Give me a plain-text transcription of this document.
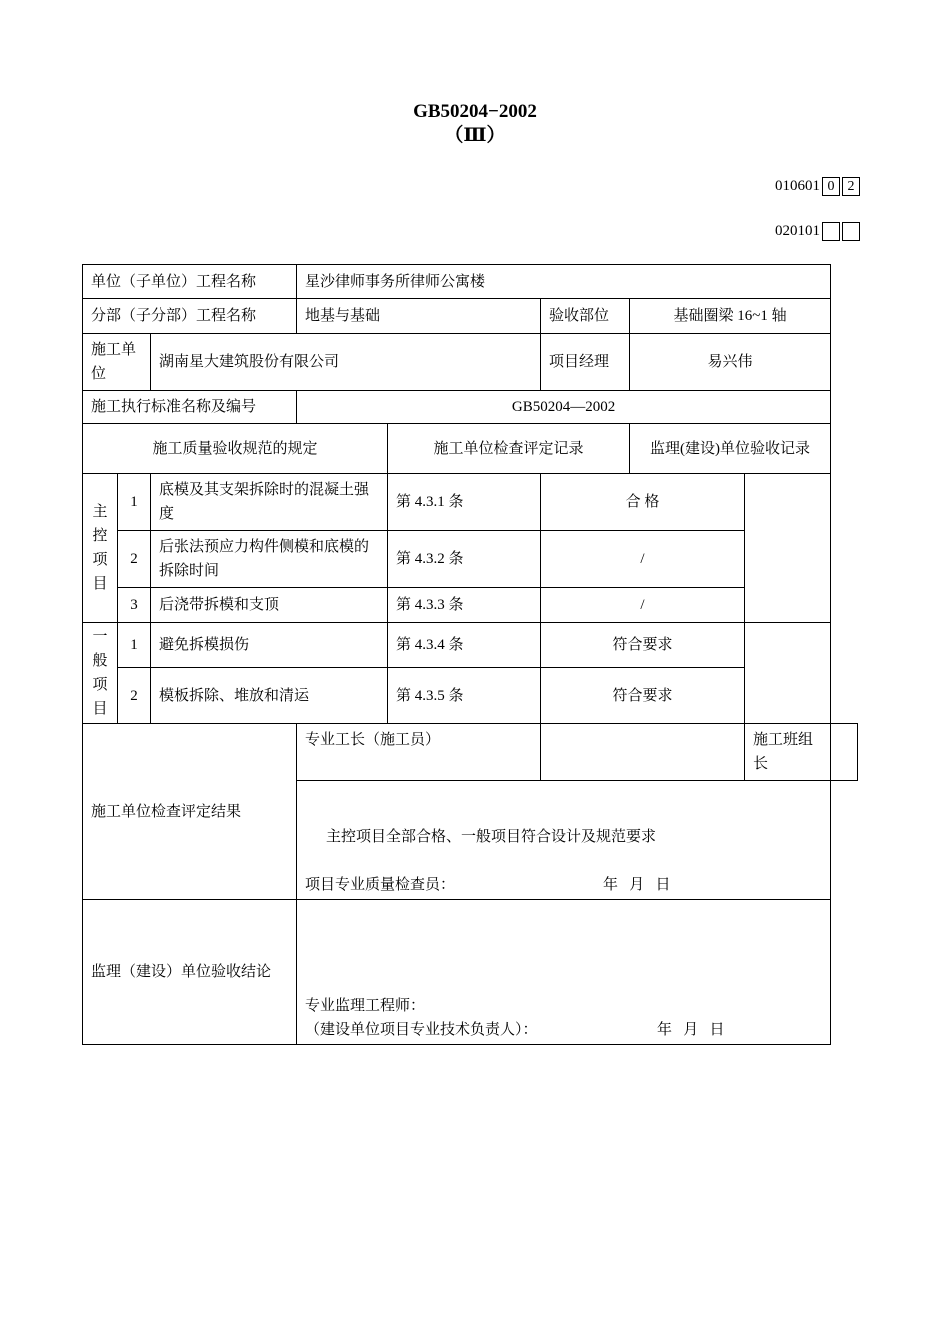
GB50204−2002
（Ⅲ）
010601 0 2
020101
单位（子单位）工程名称			星沙律师事务所律师公寓楼					
分部（子分部）工程名称			地基与基础		验收部位	基础圈梁 16~1 轴		
施工单位		湖南星大建筑股份有限公司			项目经理	易兴伟		
施工执行标准名称及编号			GB50204—2002					
施工质量验收规范的规定				施工单位检查评定记录		监理(建设)单位验收记录		

主
控
项
目	1	底模及其支架拆除时的混凝土强度		第 4.3.1 条	合 格			
	2	后张法预应力构件侧模和底模的拆除时间		第 4.3.2 条	/			
	3	后浇带拆模和支顶		第 4.3.3 条	/			

一
般
项
目	1	避免拆模损伤		第 4.3.4 条	符合要求			
	2	模板拆除、堆放和清运		第 4.3.5 条	符合要求			
施工单位检查评定结果			专业工长（施工员）				施工班组长	

			主控项目全部合格、一般项目符合设计及规范要求
项目专业质量检查员： 年   月   日					

监理（建设）单位验收结论			专业监理工程师：
（建设单位项目专业技术负责人）： 年   月   日					
